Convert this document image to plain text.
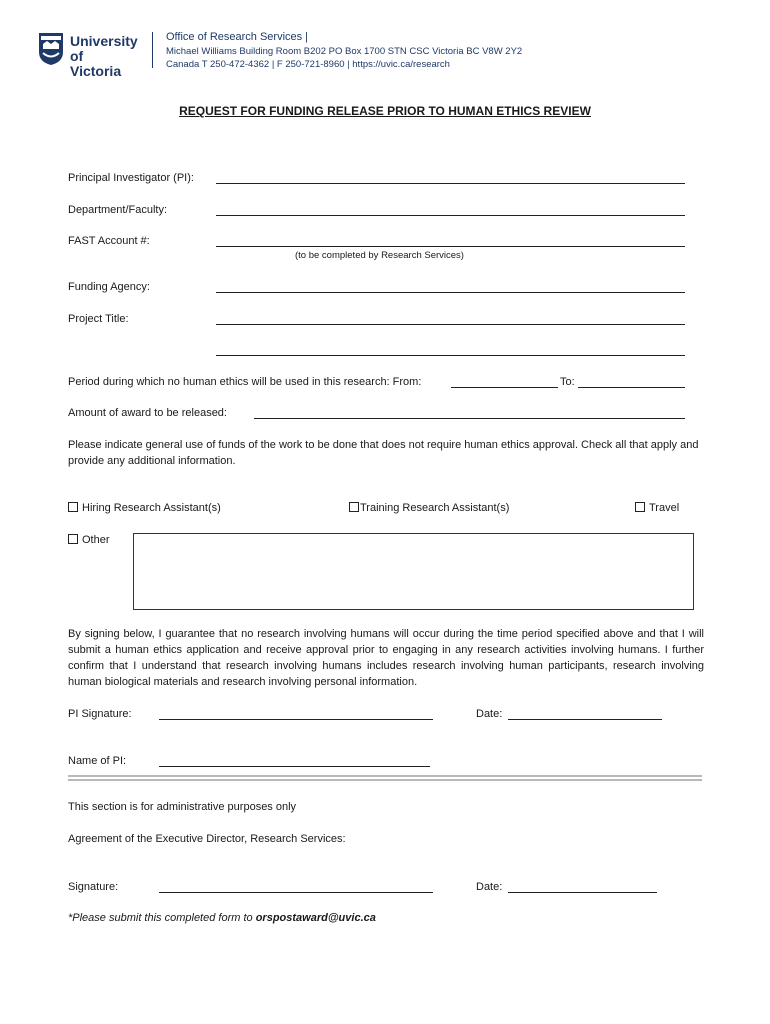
University
of Victoria
Office of Research Services |
Michael Williams Building Room B202 PO Box 1700 STN CSC Victoria BC V8W 2Y2
Canada T 250-472-4362 | F 250-721-8960 | https://uvic.ca/research
REQUEST FOR FUNDING RELEASE PRIOR TO HUMAN ETHICS REVIEW
Principal Investigator (PI):
Department/Faculty:
FAST Account #:
(to be completed by Research Services)
Funding Agency:
Project Title:
Period during which no human ethics will be used in this research: From:	To:
Amount of award to be released:
Please indicate general use of funds of the work to be done that does not require human ethics approval. Check all that apply and provide any additional information.
Hiring Research Assistant(s)	Training Research Assistant(s)	Travel
Other
By signing below, I guarantee that no research involving humans will occur during the time period specified above and that I will submit a human ethics application and receive approval prior to engaging in any research activities involving humans. I further confirm that I understand that research involving humans includes research involving human participants, research involving human biological materials and research involving personal information.
PI Signature:	Date:
Name of PI:
This section is for administrative purposes only
Agreement of the Executive Director, Research Services:
Signature:	Date:
*Please submit this completed form to orspostaward@uvic.ca
